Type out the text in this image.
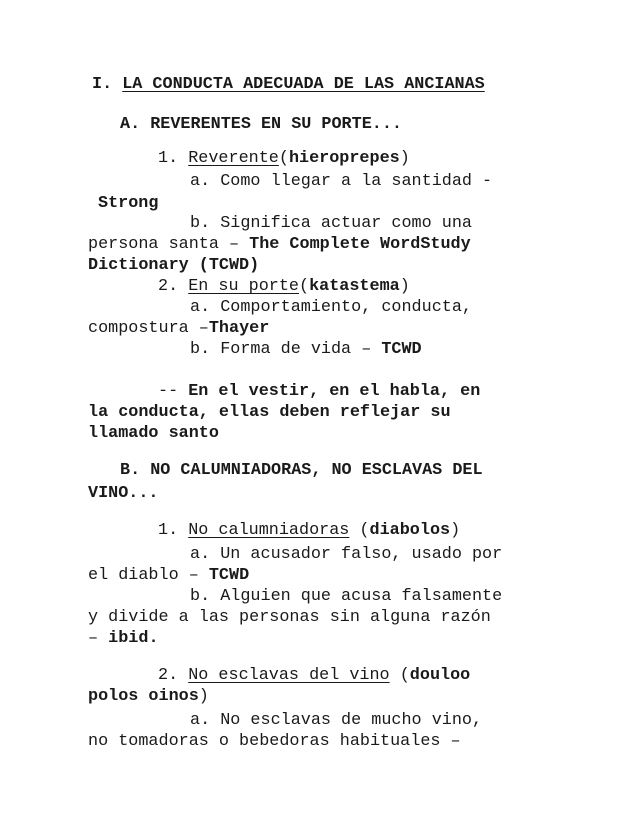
I. LA CONDUCTA ADECUADA DE LAS ANCIANAS
A. REVERENTES EN SU PORTE...
1. Reverente(hieroprepes)
a. Como llegar a la santidad -
Strong
b. Significa actuar como una
persona santa – The Complete WordStudy
Dictionary (TCWD)
2. En su porte(katastema)
a. Comportamiento, conducta,
compostura –Thayer
b. Forma de vida – TCWD
-- En el vestir, en el habla, en
la conducta, ellas deben reflejar su
llamado santo
B. NO CALUMNIADORAS, NO ESCLAVAS DEL
VINO...
1. No calumniadoras (diabolos)
a. Un acusador falso, usado por
el diablo – TCWD
b. Alguien que acusa falsamente
y divide a las personas sin alguna razón
– ibid.
2. No esclavas del vino (douloo
polos oinos)
a. No esclavas de mucho vino,
no tomadoras o bebedoras habituales –
